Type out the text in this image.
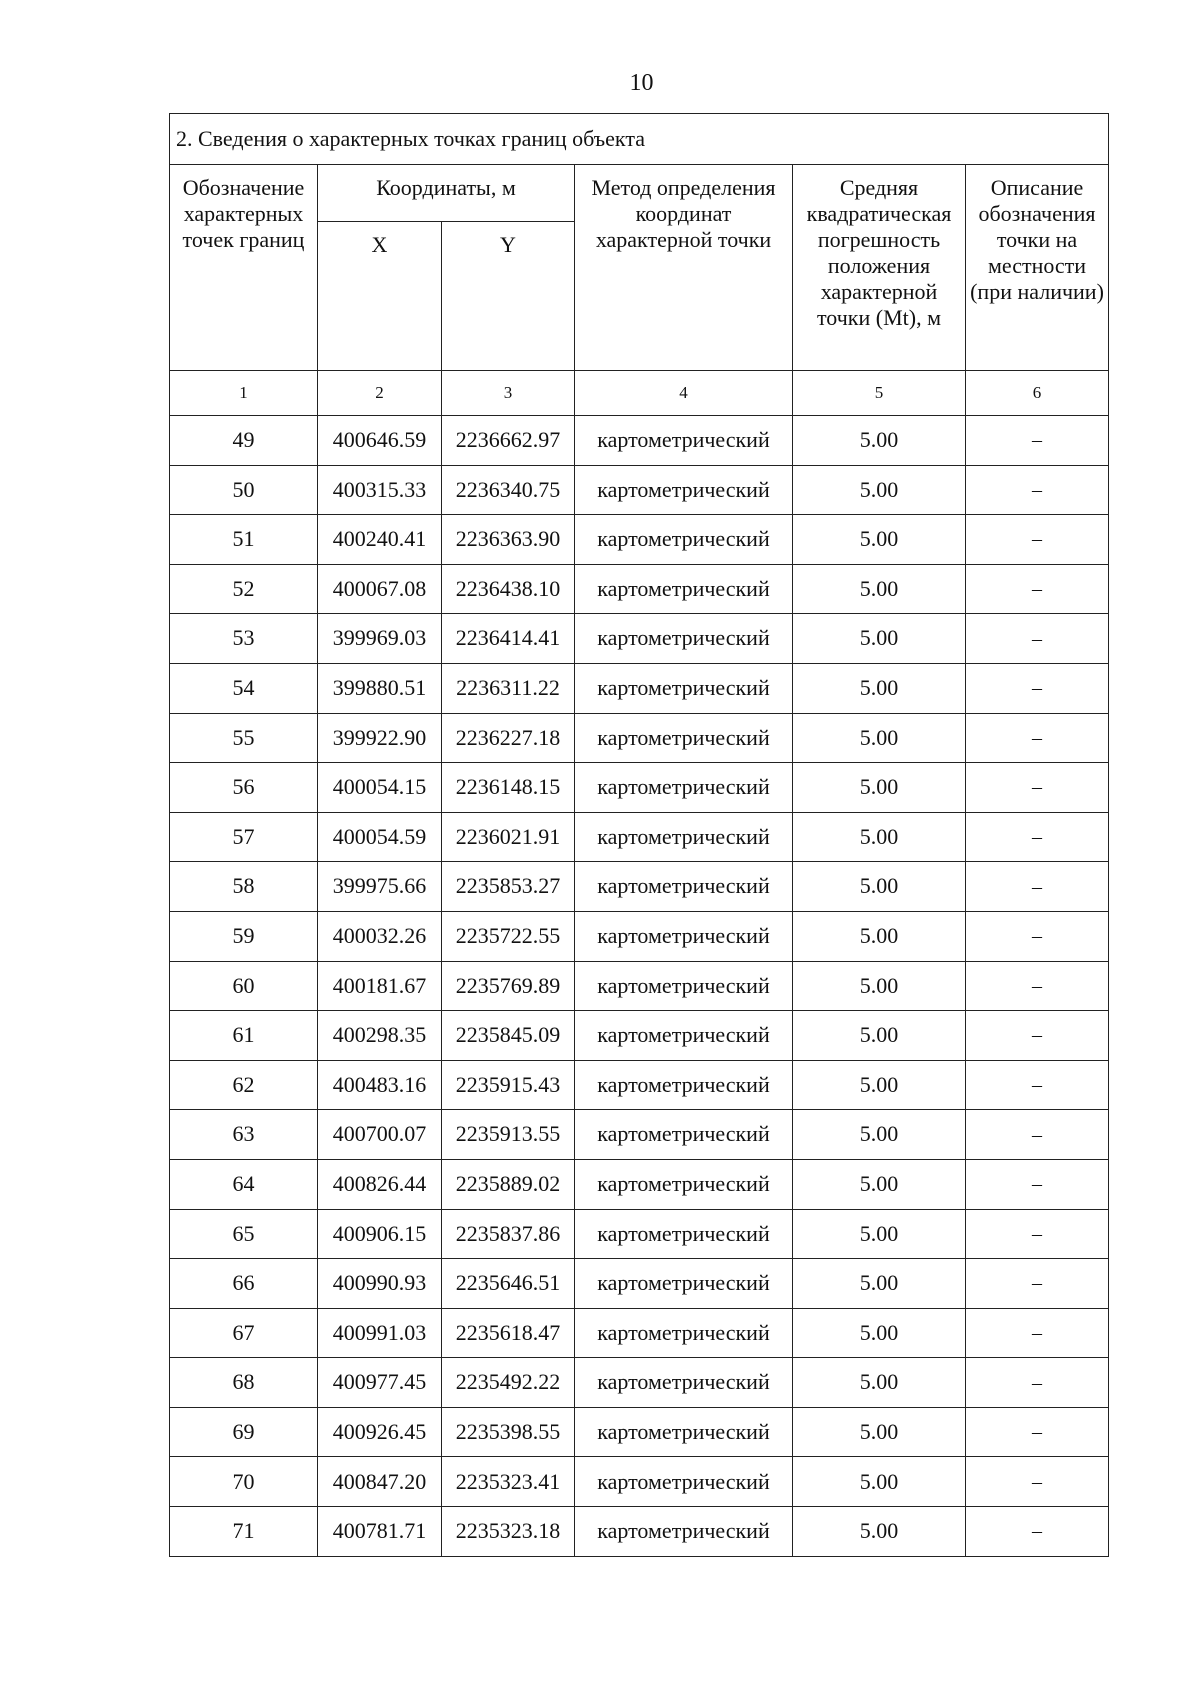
10
2. Сведения о характерных точках границ объекта					
Обозначение характерных точек границ	Координаты, м		Метод определения координат характерной точки	Средняя квадратическая погрешность положения характерной точки (Mt), м	Описание обозначения точки на местности (при наличии)
	X	Y			
1	2	3	4	5	6
49	400646.59	2236662.97	картометрический	5.00	–
50	400315.33	2236340.75	картометрический	5.00	–
51	400240.41	2236363.90	картометрический	5.00	–
52	400067.08	2236438.10	картометрический	5.00	–
53	399969.03	2236414.41	картометрический	5.00	–
54	399880.51	2236311.22	картометрический	5.00	–
55	399922.90	2236227.18	картометрический	5.00	–
56	400054.15	2236148.15	картометрический	5.00	–
57	400054.59	2236021.91	картометрический	5.00	–
58	399975.66	2235853.27	картометрический	5.00	–
59	400032.26	2235722.55	картометрический	5.00	–
60	400181.67	2235769.89	картометрический	5.00	–
61	400298.35	2235845.09	картометрический	5.00	–
62	400483.16	2235915.43	картометрический	5.00	–
63	400700.07	2235913.55	картометрический	5.00	–
64	400826.44	2235889.02	картометрический	5.00	–
65	400906.15	2235837.86	картометрический	5.00	–
66	400990.93	2235646.51	картометрический	5.00	–
67	400991.03	2235618.47	картометрический	5.00	–
68	400977.45	2235492.22	картометрический	5.00	–
69	400926.45	2235398.55	картометрический	5.00	–
70	400847.20	2235323.41	картометрический	5.00	–
71	400781.71	2235323.18	картометрический	5.00	–
